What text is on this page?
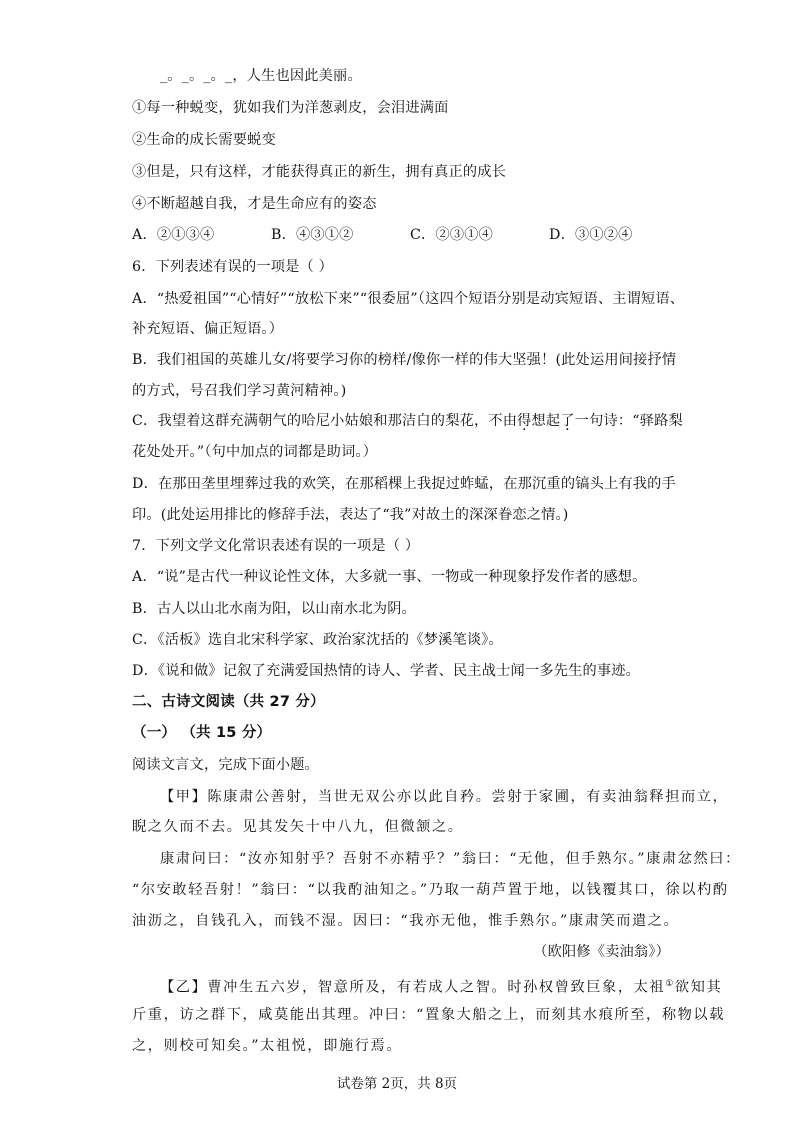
_。_。_。_，人生也因此美丽。
①每一种蜕变，犹如我们为洋葱剥皮，会泪进满面
②生命的成长需要蜕变
③但是，只有这样，才能获得真正的新生，拥有真正的成长
④不断超越自我，才是生命应有的姿态
A．②①③④	B．④③①②	C．②③①④	D．③①②④
6．下列表述有误的一项是（ ）
A．“热爱祖国”“心情好”“放松下来”“很委屈”（这四个短语分别是动宾短语、主谓短语、
补充短语、偏正短语。）
B．我们祖国的英雄儿女/将要学习你的榜样/像你一样的伟大坚强！(此处运用间接抒情
的方式，号召我们学习黄河精神。)
C．我望着这群充满朝气的哈尼小姑娘和那洁白的梨花，不由得想起了一句诗：“驿路梨
花处处开。”（句中加点的词都是助词。）
D．在那田垄里埋葬过我的欢笑，在那稻棵上我捉过蚱蜢，在那沉重的镐头上有我的手
印。(此处运用排比的修辞手法，表达了“我”对故土的深深眷恋之情。)
7．下列文学文化常识表述有误的一项是（ ）
A．“说”是古代一种议论性文体，大多就一事、一物或一种现象抒发作者的感想。
B．古人以山北水南为阳，以山南水北为阴。
C．《活板》选自北宋科学家、政治家沈括的《梦溪笔谈》。
D．《说和做》记叙了充满爱国热情的诗人、学者、民主战士闻一多先生的事迹。
二、古诗文阅读（共 27 分）
（一） （共 15 分）
阅读文言文，完成下面小题。
【甲】陈康肃公善射，当世无双公亦以此自矜。尝射于家圃，有卖油翁释担而立，
睨之久而不去。见其发矢十中八九，但微颔之。
康肃问曰：“汝亦知射乎？吾射不亦精乎？”翁曰：“无他，但手熟尔。”康肃忿然曰：
“尔安敢轻吾射！”翁曰：“以我酌油知之。”乃取一葫芦置于地，以钱覆其口，徐以杓酌
油沥之，自钱孔入，而钱不湿。因曰：“我亦无他，惟手熟尔。”康肃笑而遣之。
（欧阳修《卖油翁》）
【乙】曹冲生五六岁，智意所及，有若成人之智。时孙权曾致巨象，太祖①欲知其
斤重，访之群下，咸莫能出其理。冲曰：“置象大船之上，而刻其水痕所至，称物以载
之，则校可知矣。”太祖悦，即施行焉。
试卷第 2页，共 8页
